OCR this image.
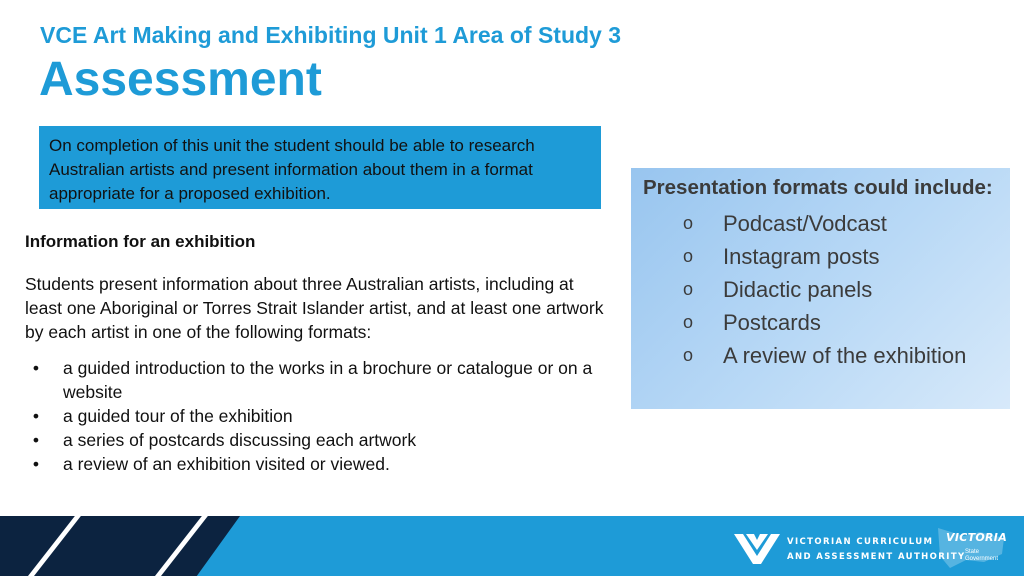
VCE Art Making and Exhibiting Unit 1 Area of Study 3
Assessment
On completion of this unit the student should be able to research Australian artists and present information about them in a format appropriate for a proposed exhibition.
Information for an exhibition
Students present information about three Australian artists, including at least one Aboriginal or Torres Strait Islander artist, and at least one artwork by each artist in one of the following formats:
• a guided introduction to the works in a brochure or catalogue or on a website
• a guided tour of the exhibition
• a series of postcards discussing each artwork
• a review of an exhibition visited or viewed.
Presentation formats could include:
o Podcast/Vodcast
o Instagram posts
o Didactic panels
o Postcards
o A review of the exhibition
VICTORIAN CURRICULUM
AND ASSESSMENT AUTHORITY
VICTORIA
State
Government
